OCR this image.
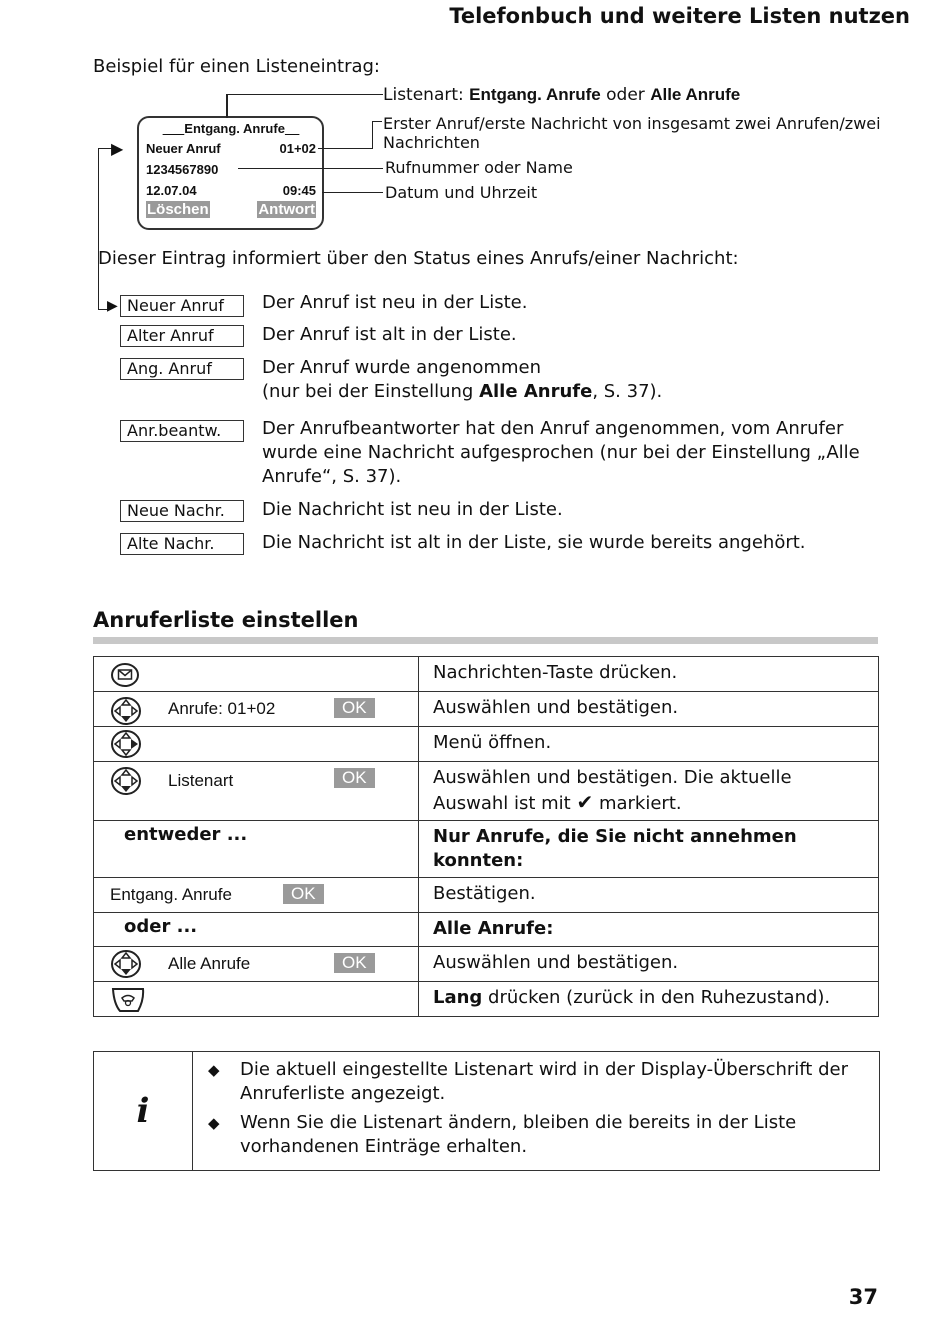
Telefonbuch und weitere Listen nutzen
Beispiel für einen Listeneintrag:

Entgang. Anrufe

Neuer Anruf	01+02
1234567890
12.07.04	09:45
Löschen	Antwort
Listenart: Entgang. Anrufe oder Alle Anrufe
Erster Anruf/erste Nachricht von insgesamt zwei Anrufen/zwei
Nachrichten
Rufnummer oder Name
Datum und Uhrzeit
▶
Dieser Eintrag informiert über den Status eines Anrufs/einer Nachricht:
▶ Neuer Anruf	Der Anruf ist neu in der Liste.
Alter Anruf	Der Anruf ist alt in der Liste.
Ang. Anruf	Der Anruf wurde angenommen
(nur bei der Einstellung Alle Anrufe, S. 37).
Anr.beantw.	Der Anrufbeantworter hat den Anruf angenommen, vom Anrufer wurde eine Nachricht aufgesprochen (nur bei der Einstellung „Alle Anrufe“, S. 37).
Neue Nachr.	Die Nachricht ist neu in der Liste.
Alte Nachr.	Die Nachricht ist alt in der Liste, sie wurde bereits angehört.
Anruferliste einstellen
	Nachrichten-Taste drücken.

Anrufe: 01+02 OK	Auswählen und bestätigen.

	Menü öffnen.

Listenart OK	Auswählen und bestätigen. Die aktuelle Auswahl ist mit ✔ markiert.
entweder ...	Nur Anrufe, die Sie nicht annehmen konnten:

Entgang. Anrufe OK	Bestätigen.
oder ...	Alle Anrufe:

Alle Anrufe OK	Auswählen und bestätigen.

	Lang drücken (zurück in den Ruhezustand).
i
◆ Die aktuell eingestellte Listenart wird in der Display-Überschrift der Anruferliste angezeigt.
◆ Wenn Sie die Listenart ändern, bleiben die bereits in der Liste vorhandenen Einträge erhalten.
37
